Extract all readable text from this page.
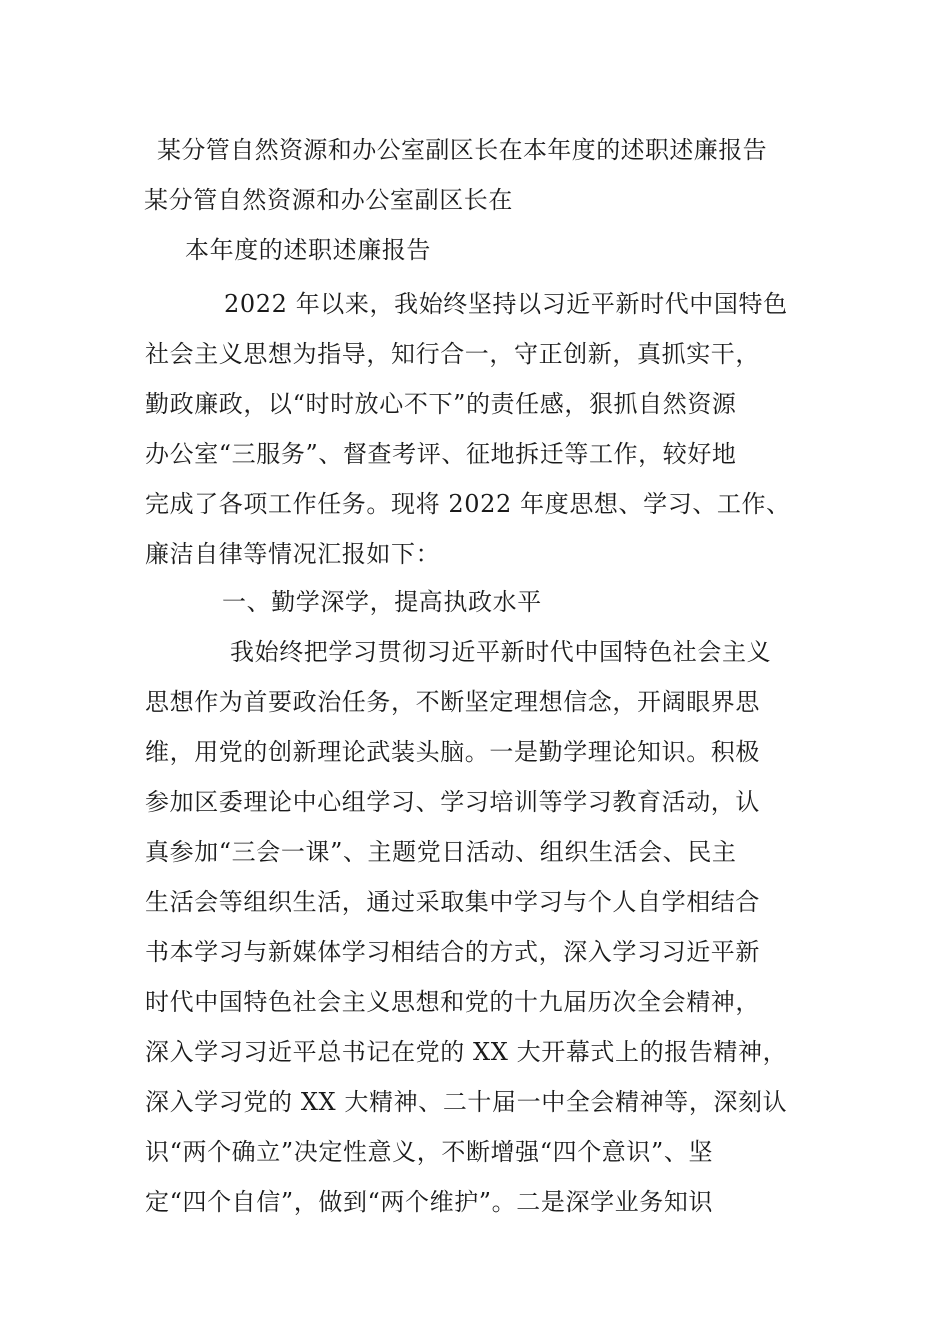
某分管自然资源和办公室副区长在本年度的述职述廉报告
某分管自然资源和办公室副区长在
本年度的述职述廉报告
2022 年以来，我始终坚持以习近平新时代中国特色
社会主义思想为指导，知行合一，守正创新，真抓实干，
勤政廉政，以“时时放心不下”的责任感，狠抓自然资源
办公室“三服务”、督查考评、征地拆迁等工作，较好地
完成了各项工作任务。现将 2022 年度思想、学习、工作、
廉洁自律等情况汇报如下：
一、勤学深学，提高执政水平
我始终把学习贯彻习近平新时代中国特色社会主义
思想作为首要政治任务，不断坚定理想信念，开阔眼界思
维，用党的创新理论武装头脑。一是勤学理论知识。积极
参加区委理论中心组学习、学习培训等学习教育活动，认
真参加“三会一课”、主题党日活动、组织生活会、民主
生活会等组织生活，通过采取集中学习与个人自学相结合
书本学习与新媒体学习相结合的方式，深入学习习近平新
时代中国特色社会主义思想和党的十九届历次全会精神，
深入学习习近平总书记在党的 XX 大开幕式上的报告精神，
深入学习党的 XX 大精神、二十届一中全会精神等，深刻认
识“两个确立”决定性意义，不断增强“四个意识”、坚
定“四个自信”，做到“两个维护”。二是深学业务知识
